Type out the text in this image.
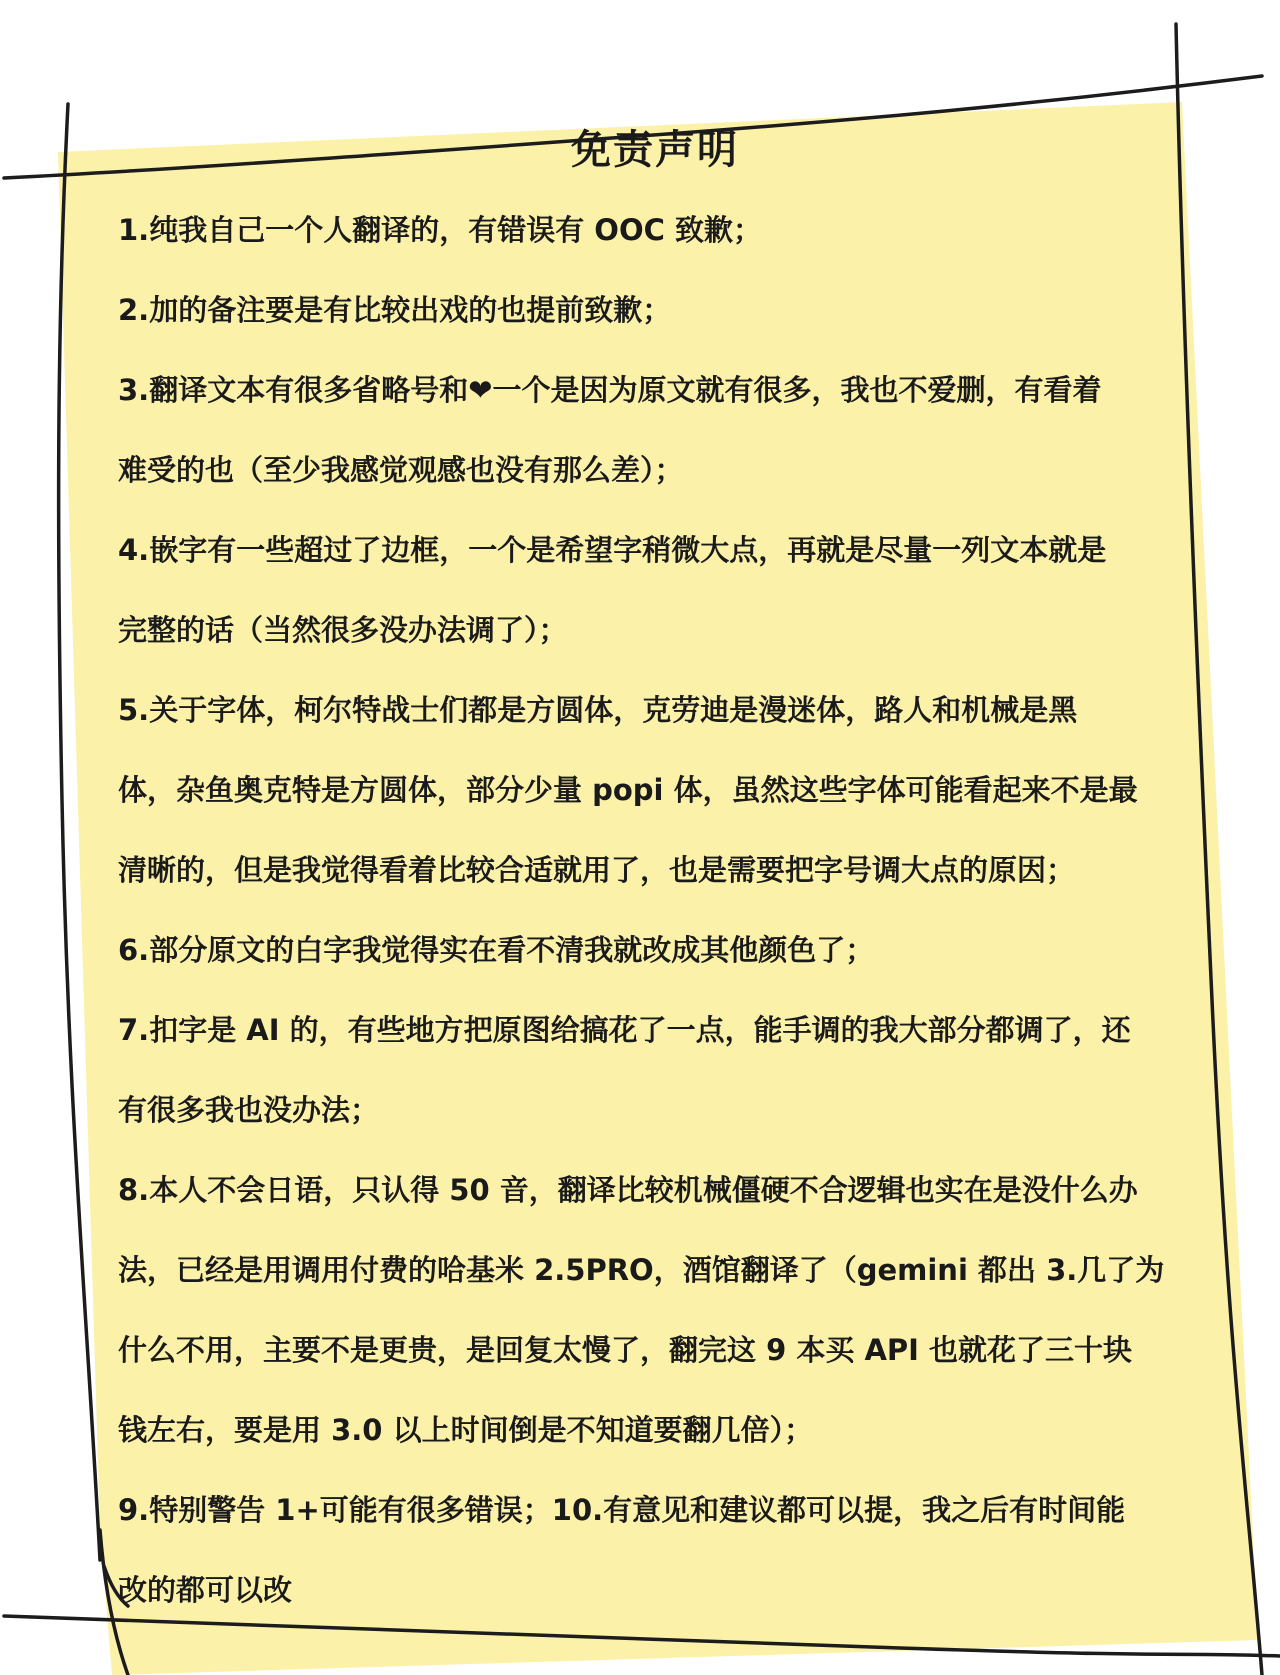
免责声明
1.纯我自己一个人翻译的，有错误有 OOC 致歉；
2.加的备注要是有比较出戏的也提前致歉；
3.翻译文本有很多省略号和❤一个是因为原文就有很多，我也不爱删，有看着
难受的也（至少我感觉观感也没有那么差）；
4.嵌字有一些超过了边框，一个是希望字稍微大点，再就是尽量一列文本就是
完整的话（当然很多没办法调了）；
5.关于字体，柯尔特战士们都是方圆体，克劳迪是漫迷体，路人和机械是黑
体，杂鱼奥克特是方圆体，部分少量 popi 体，虽然这些字体可能看起来不是最
清晰的，但是我觉得看着比较合适就用了，也是需要把字号调大点的原因；
6.部分原文的白字我觉得实在看不清我就改成其他颜色了；
7.扣字是 AI 的，有些地方把原图给搞花了一点，能手调的我大部分都调了，还
有很多我也没办法；
8.本人不会日语，只认得 50 音，翻译比较机械僵硬不合逻辑也实在是没什么办
法，已经是用调用付费的哈基米 2.5PRO，酒馆翻译了（gemini 都出 3.几了为
什么不用，主要不是更贵，是回复太慢了，翻完这 9 本买 API 也就花了三十块
钱左右，要是用 3.0 以上时间倒是不知道要翻几倍）；
9.特别警告 1+可能有很多错误；10.有意见和建议都可以提，我之后有时间能
改的都可以改
